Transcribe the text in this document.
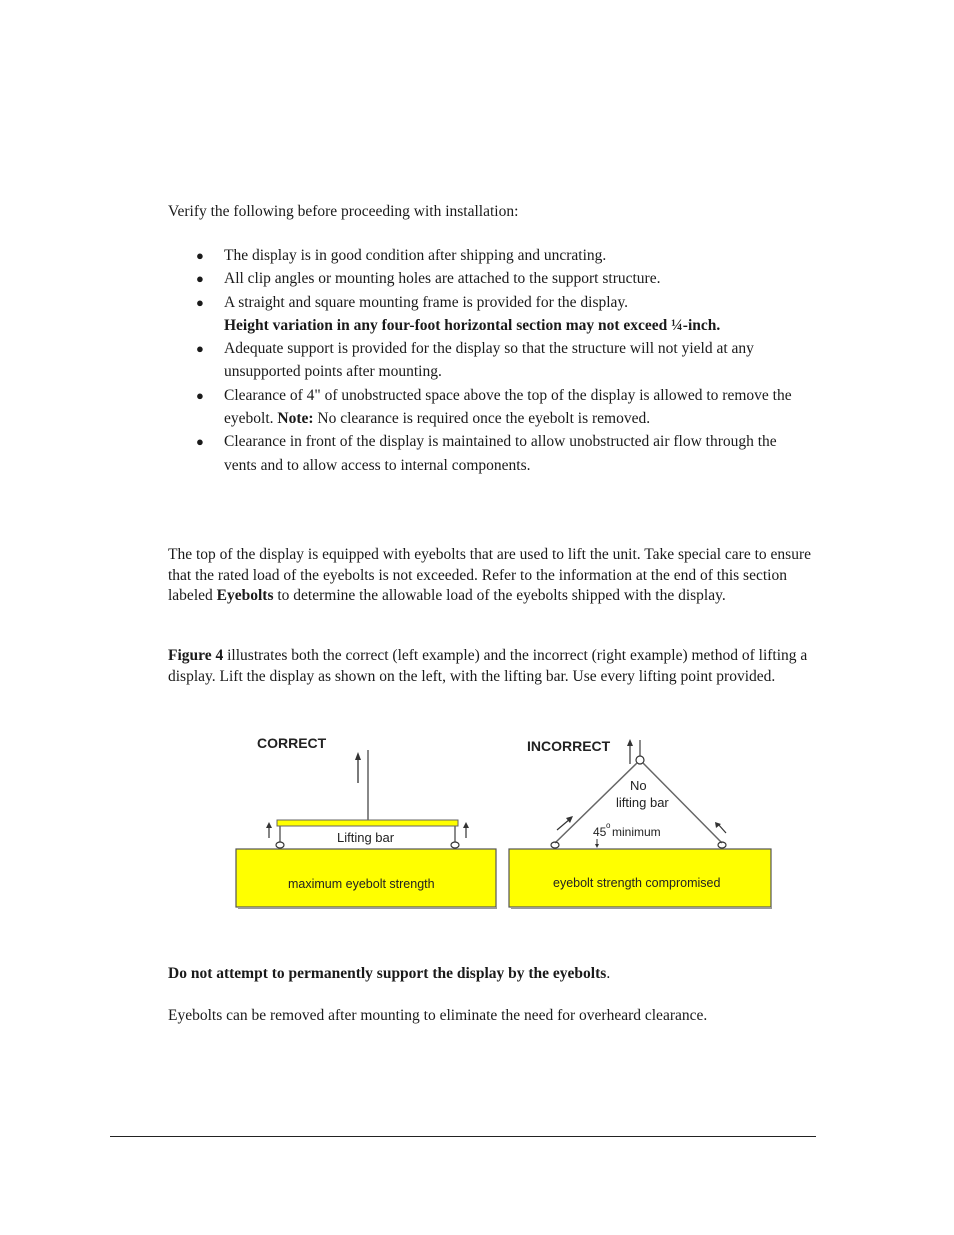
Verify the following before proceeding with installation:
● The display is in good condition after shipping and uncrating.
● All clip angles or mounting holes are attached to the support structure.
● A straight and square mounting frame is provided for the display.
Height variation in any four-foot horizontal section may not exceed ¼-inch.
● Adequate support is provided for the display so that the structure will not yield at any unsupported points after mounting.
● Clearance of 4" of unobstructed space above the top of the display is allowed to remove the eyebolt. Note: No clearance is required once the eyebolt is removed.
● Clearance in front of the display is maintained to allow unobstructed air flow through the vents and to allow access to internal components.
The top of the display is equipped with eyebolts that are used to lift the unit. Take special care to ensure that the rated load of the eyebolts is not exceeded. Refer to the information at the end of this section labeled Eyebolts to determine the allowable load of the eyebolts shipped with the display.
Figure 4 illustrates both the correct (left example) and the incorrect (right example) method of lifting a display. Lift the display as shown on the left, with the lifting bar. Use every lifting point provided.
CORRECT
Lifting bar
maximum eyebolt strength
INCORRECT
No
lifting bar
45 o minimum
eyebolt strength compromised
Do not attempt to permanently support the display by the eyebolts.
Eyebolts can be removed after mounting to eliminate the need for overheard clearance.
